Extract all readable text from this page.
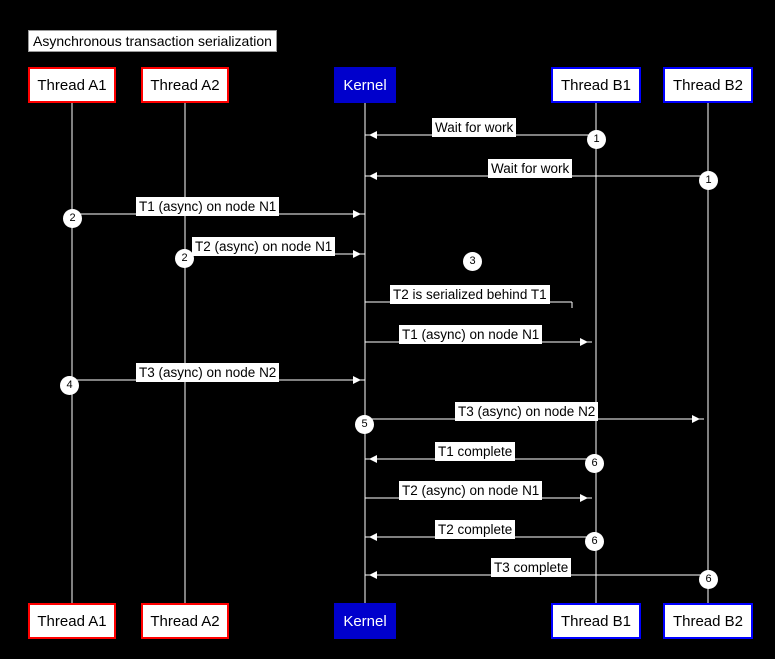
Asynchronous transaction serialization
Thread A1	Thread A2	Kernel	Thread B1	Thread B2
Thread A1	Thread A2	Kernel	Thread B1	Thread B2
Wait for work
Wait for work
T1 (async) on node N1
T2 (async) on node N1
T2 is serialized behind T1
T1 (async) on node N1
T3 (async) on node N2
T3 (async) on node N2
T1 complete
T2 (async) on node N1
T2 complete
T3 complete
1
1
2
2	3
4
5
6
6
6
